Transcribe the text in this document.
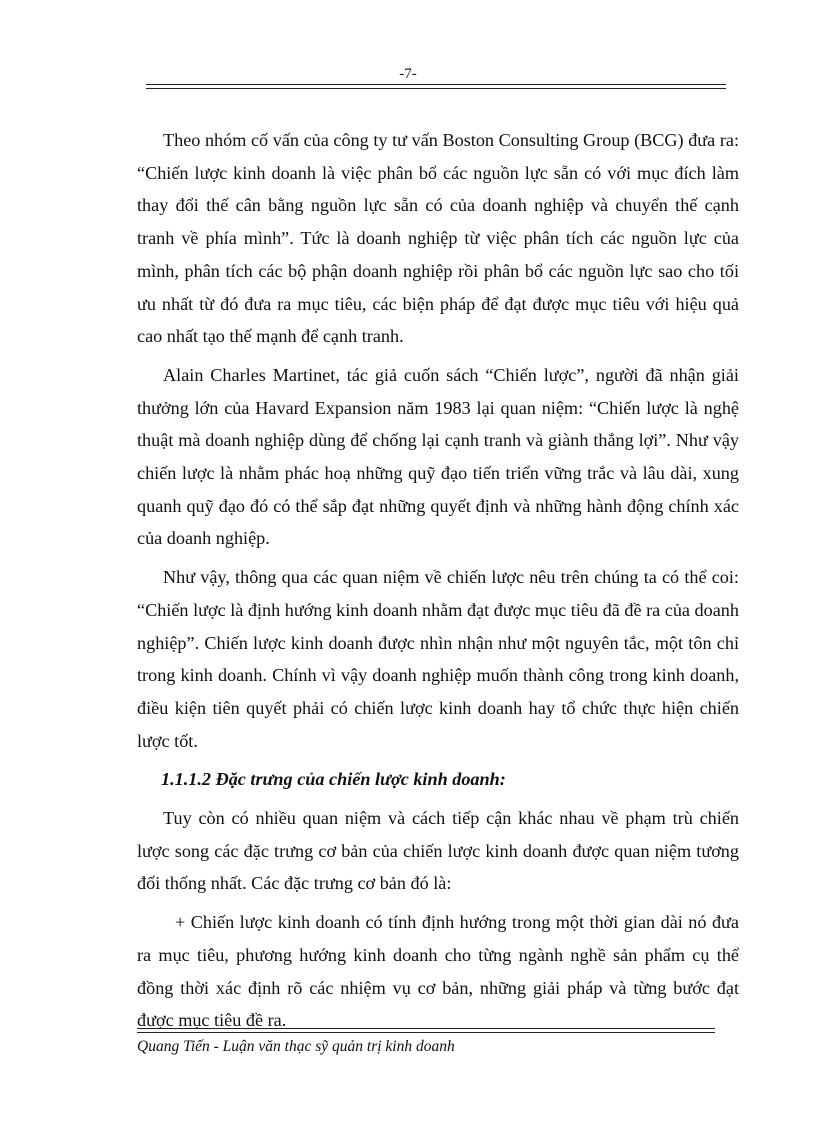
-7-

Theo nhóm cố vấn của công ty tư vấn Boston Consulting Group (BCG) đưa ra: “Chiến lược kinh doanh là việc phân bổ các nguồn lực sẵn có với mục đích làm thay đổi thế cân bằng nguồn lực sẵn có của doanh nghiệp và chuyển thế cạnh tranh về phía mình”. Tức là doanh nghiệp từ việc phân tích các nguồn lực của mình, phân tích các bộ phận doanh nghiệp rồi phân bổ các nguồn lực sao cho tối ưu nhất từ đó đưa ra mục tiêu, các biện pháp để đạt được mục tiêu với hiệu quả cao nhất tạo thế mạnh để cạnh tranh.

Alain Charles Martinet, tác giả cuốn sách “Chiến lược”, người đã nhận giải thưởng lớn của Havard Expansion năm 1983 lại quan niệm: “Chiến lược là nghệ thuật mà doanh nghiệp dùng để chống lại cạnh tranh và giành thắng lợi”. Như vậy chiến lược là nhằm phác hoạ những quỹ đạo tiến triển vững trắc và lâu dài, xung quanh quỹ đạo đó có thể sắp đạt những quyết định và những hành động chính xác của doanh nghiệp.

Như vậy, thông qua các quan niệm về chiến lược nêu trên chúng ta có thể coi: “Chiến lược là định hướng kinh doanh nhằm đạt được mục tiêu đã đề ra của doanh nghiệp”. Chiến lược kinh doanh được nhìn nhận như một nguyên tắc, một tôn chỉ trong kinh doanh. Chính vì vậy doanh nghiệp muốn thành công trong kinh doanh, điều kiện tiên quyết phải có chiến lược kinh doanh hay tổ chức thực hiện chiến lược tốt.

1.1.1.2 Đặc trưng của chiến lược kinh doanh:

Tuy còn có nhiều quan niệm và cách tiếp cận khác nhau về phạm trù chiến lược song các đặc trưng cơ bản của chiến lược kinh doanh được quan niệm tương đối thống nhất. Các đặc trưng cơ bản đó là:

+ Chiến lược kinh doanh có tính định hướng trong một thời gian dài nó đưa ra mục tiêu, phương hướng kinh doanh cho từng ngành nghề sản phẩm cụ thể đồng thời xác định rõ các nhiệm vụ cơ bản, những giải pháp và từng bước đạt được mục tiêu đề ra.

Quang Tiến - Luận văn thạc sỹ quản trị kinh doanh
